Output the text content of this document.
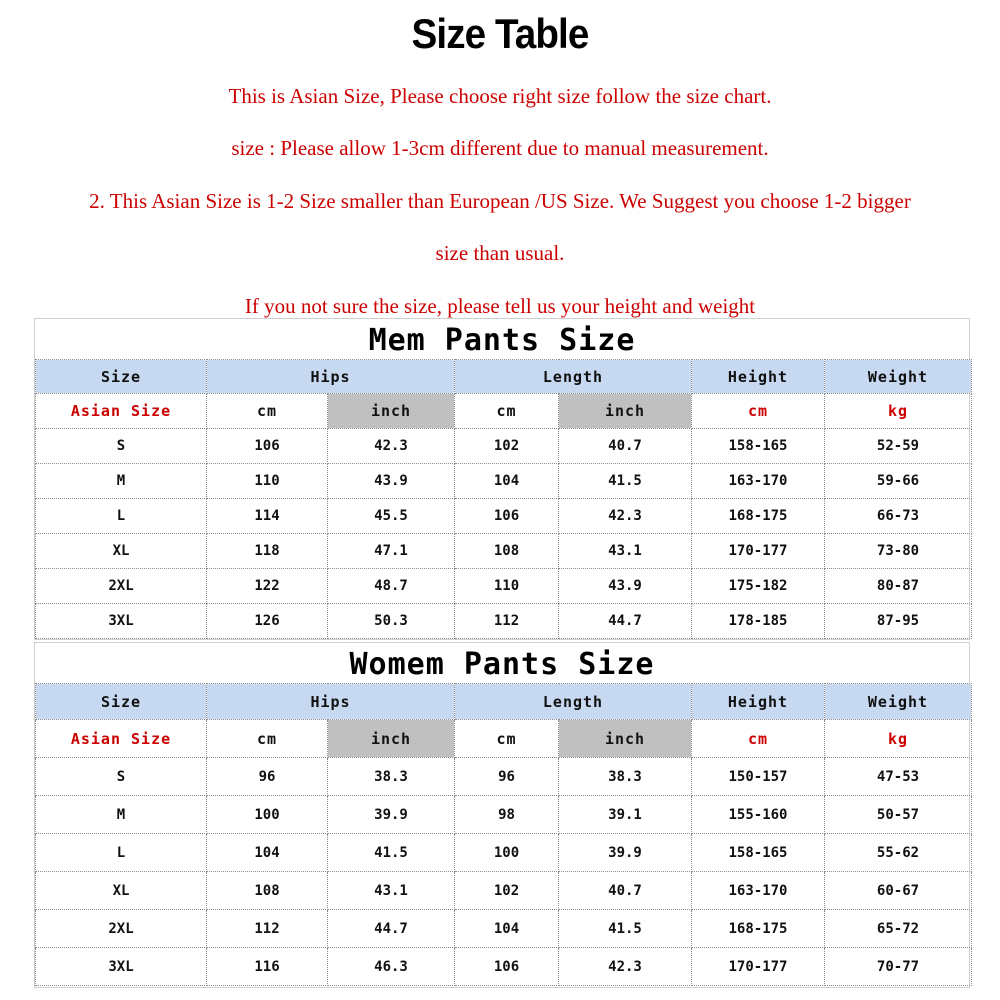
Size Table
This is Asian Size, Please choose right size follow the size chart.
size : Please allow 1-3cm different due to manual measurement.
2. This Asian Size is 1-2 Size smaller than European /US Size. We Suggest you choose 1-2 bigger
size than usual.
If you not sure the size, please tell us your height and weight
Mem Pants Size
Size	Hips		Length		Height	Weight
Asian Size	cm	inch	cm	inch	cm	kg
S	106	42.3	102	40.7	158-165	52-59
M	110	43.9	104	41.5	163-170	59-66
L	114	45.5	106	42.3	168-175	66-73
XL	118	47.1	108	43.1	170-177	73-80
2XL	122	48.7	110	43.9	175-182	80-87
3XL	126	50.3	112	44.7	178-185	87-95
Womem Pants Size
Size	Hips		Length		Height	Weight
Asian Size	cm	inch	cm	inch	cm	kg
S	96	38.3	96	38.3	150-157	47-53
M	100	39.9	98	39.1	155-160	50-57
L	104	41.5	100	39.9	158-165	55-62
XL	108	43.1	102	40.7	163-170	60-67
2XL	112	44.7	104	41.5	168-175	65-72
3XL	116	46.3	106	42.3	170-177	70-77
